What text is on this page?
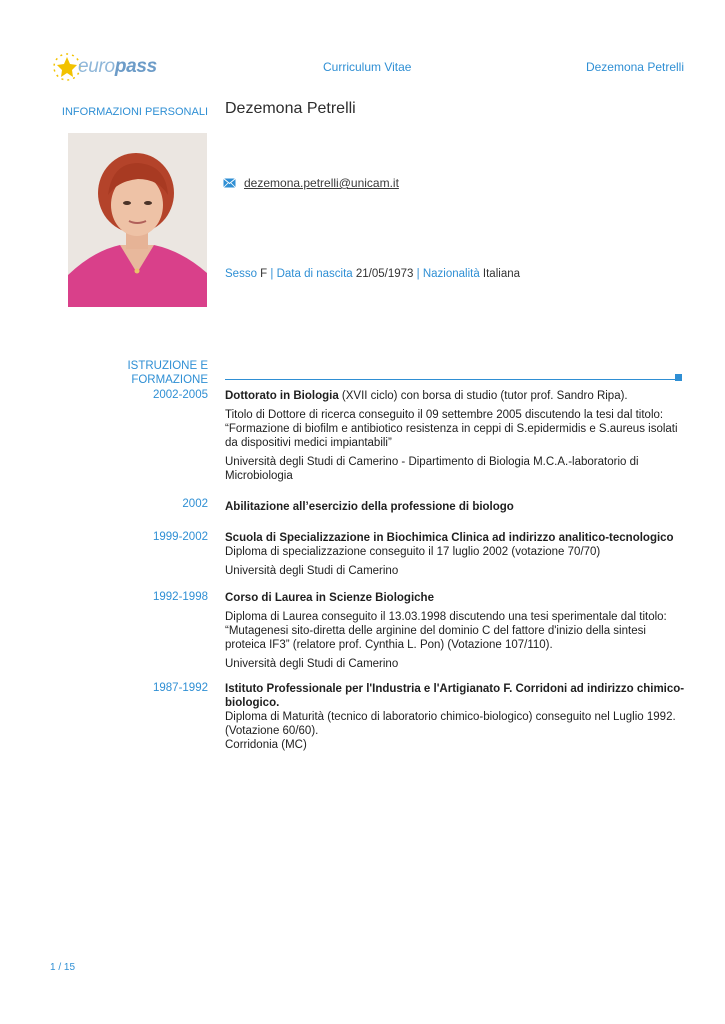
europass	Curriculum Vitae	Dezemona Petrelli
INFORMAZIONI PERSONALI Dezemona Petrelli
dezemona.petrelli@unicam.it
Sesso F | Data di nascita 21/05/1973 | Nazionalità Italiana
ISTRUZIONE E
FORMAZIONE
2002-2005 Dottorato in Biologia (XVII ciclo) con borsa di studio (tutor prof. Sandro Ripa).

Titolo di Dottore di ricerca conseguito il 09 settembre 2005 discutendo la tesi dal titolo: “Formazione di biofilm e antibiotico resistenza in ceppi di S.epidermidis e S.aureus isolati da dispositivi medici impiantabili”

Università degli Studi di Camerino - Dipartimento di Biologia M.C.A.-laboratorio di Microbiologia

2002 Abilitazione all’esercizio della professione di biologo

1999-2002 Scuola di Specializzazione in Biochimica Clinica ad indirizzo analitico-tecnologico

Diploma di specializzazione conseguito il 17 luglio 2002 (votazione 70/70)

Università degli Studi di Camerino

1992-1998 Corso di Laurea in Scienze Biologiche

Diploma di Laurea conseguito il 13.03.1998 discutendo una tesi sperimentale dal titolo: “Mutagenesi sito-diretta delle arginine del dominio C del fattore d'inizio della sintesi proteica IF3” (relatore prof. Cynthia L. Pon) (Votazione 107/110).

Università degli Studi di Camerino

1987-1992 Istituto Professionale per l'Industria e l'Artigianato F. Corridoni ad indirizzo chimico-biologico.

Diploma di Maturità (tecnico di laboratorio chimico-biologico) conseguito nel Luglio 1992. (Votazione 60/60).

Corridonia (MC)

1 / 15
